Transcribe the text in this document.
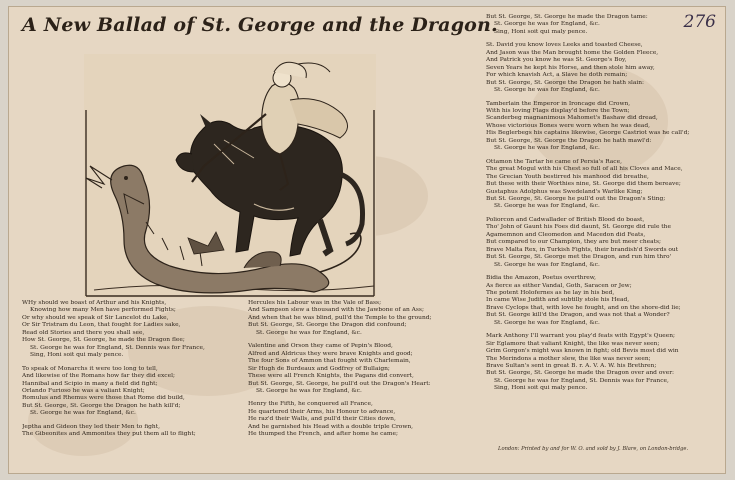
A New Ballad of St. George and the Dragon.	276
WHy should we boast of Arthur and his Knights,
Knowing how many Men have performed Fights;
Or why should we speak of Sir Lancelot du Lake,
Or Sir Tristram du Leon, that fought for Ladies sake,
Read old Stories and there you shall see,
How St. George, St. George, he made the Dragon flee;
St. George he was for England, St. Dennis was for France,
Sing, Honi soit qui maly pence.
To speak of Monarchs it were too long to tell,
And likewise of the Romans how far they did excel;
Hannibal and Scipio in many a field did fight;
Orlando Furioso he was a valiant Knight;
Romulus and Rhemus were those that Rome did build,
But St. George, St. George the Dragon he hath kill'd;
St. George he was for England, &c.
Jeptha and Gideon they led their Men to fight,
The Gibeonites and Ammonites they put them all to flight;
Hercules his Labour was in the Vale of Bass;
And Sampson slew a thousand with the Jawbone of an Ass;
And when that he was blind, pull'd the Temple to the ground;
But St. George, St. George the Dragon did confound;
St. George he was for England, &c.
Valentine and Orson they came of Pepin's Blood,
Alfred and Aldricus they were brave Knights and good;
The four Sons of Ammon that fought with Charlemain,
Sir Hugh de Burdeaux and Godfrey of Bullaign;
These were all French Knights, the Pagans did convert,
But St. George, St. George, he pull'd out the Dragon's Heart:
St. George he was for England, &c.
Henry the Fifth, he conquered all France,
He quartered their Arms, his Honour to advance,
He raz'd their Walls, and pull'd their Cities down,
And he garnished his Head with a double triple Crown,
He thumped the French, and after home he came;
But St. George, St. George he made the Dragon tame:
St. George he was for England, &c.
Sing, Honi soit qui maly pence.
St. David you know loves Leeks and toasted Cheese,
And Jason was the Man brought home the Golden Fleece,
And Patrick you know he was St. George's Boy,
Seven Years he kept his Horse, and then stole him away,
For which knavish Act, a Slave he doth remain;
But St. George, St. George the Dragon he hath slain:
St. George he was for England, &c.
Tamberlain the Emperor in Ironcage did Crown,
With his loving Flags display'd before the Town;
Scanderbeg magnanimous Mahomet's Bashaw did dread,
Whose victorious Bones were worn when he was dead,
His Beglerbegs his captains likewise, George Castriot was he call'd;
But St. George, St. George the Dragon he hath mawl'd:
St. George he was for England, &c.
Ottamon the Tartar he came of Persia's Race,
The great Mogul with his Chest so full of all his Cloves and Mace,
The Grecian Youth bestirred his manhood did breathe,
But these with their Worthies nine, St. George did them bereave;
Gustaphus Adolphus was Swedeland's Warlike King;
But St. George, St. George he pull'd out the Dragon's Sting;
St. George he was for England, &c.
Poliorcon and Cadwallader of British Blood do boast,
Tho' John of Gaunt his Foes did daunt, St. George did rule the
Agamemnon and Cleomedon and Macedon did Feats,
But compared to our Champion, they are but meer cheats;
Brave Malta Rex, in Turkish Fights, their brandish'd Swords out
But St. George, St. George met the Dragon, and run him thro'
St. George he was for England, &c.
Bidia the Amazon, Poetus overthrew,
As fierce as either Vandal, Goth, Saracen or Jew;
The potent Holofernes as he lay in his bed,
In came Wise Judith and subtilly stole his Head,
Brave Cyclops that, with love he fought, and on the shore-did lie;
But St. George kill'd the Dragon, and was not that a Wonder?
St. George he was for England, &c.
Mark Anthony I'll warrant you play'd feats with Egypt's Queen;
Sir Eglamore that valiant Knight, the like was never seen;
Grim Gorgon's might was known in fight; old Bevis most did win
The Merindons a mother slew, the like was never seen;
Brave Sultan's sent in great B. r. A. V. A. W. his Brethren;
But St. George, St. George he made the Dragon over and over:
St. George he was for England, St. Dennis was for France,
Sing, Honi soit qui maly pence.
London: Printed by and for W. O. and sold by J. Blare, on London-bridge.
